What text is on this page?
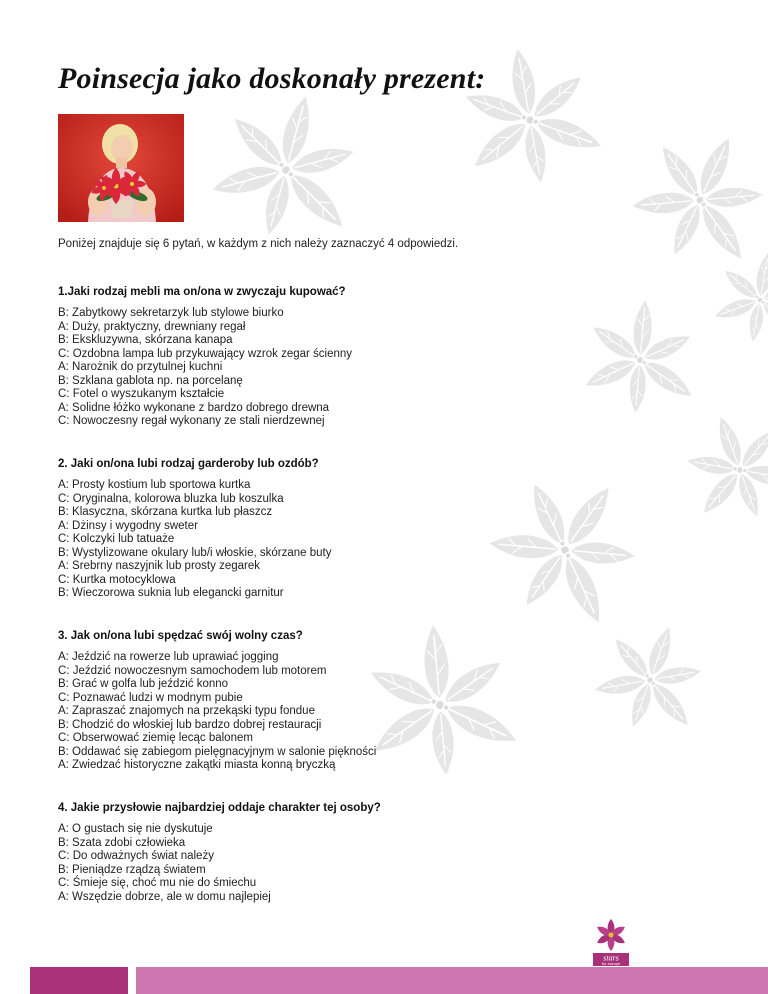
Poinsecja jako doskonały prezent:

Poniżej znajduje się 6 pytań, w każdym z nich należy zaznaczyć 4 odpowiedzi.

1.Jaki rodzaj mebli ma on/ona w zwyczaju kupować?

B: Zabytkowy sekretarzyk lub stylowe biurko
A: Duży, praktyczny, drewniany regał
B: Ekskluzywna, skórzana kanapa
C: Ozdobna lampa lub przykuwający wzrok zegar ścienny
A: Narożnik do przytulnej kuchni
B: Szklana gablota np. na porcelanę
C: Fotel o wyszukanym kształcie
A: Solidne łóżko wykonane z bardzo dobrego drewna
C: Nowoczesny regał wykonany ze stali nierdzewnej

2. Jaki on/ona lubi rodzaj garderoby lub ozdób?

A: Prosty kostium lub sportowa kurtka
C: Oryginalna, kolorowa bluzka lub koszulka
B: Klasyczna, skórzana kurtka lub płaszcz
A: Dżinsy i wygodny sweter
C: Kolczyki lub tatuaże
B: Wystylizowane okulary lub/i włoskie, skórzane buty
A: Srebrny naszyjnik lub prosty zegarek
C: Kurtka motocyklowa
B: Wieczorowa suknia lub elegancki garnitur

3. Jak on/ona lubi spędzać swój wolny czas?

A: Jeździć na rowerze lub uprawiać jogging
C: Jeździć nowoczesnym samochodem lub motorem
B: Grać w golfa lub jeździć konno
C: Poznawać ludzi w modnym pubie
A: Zapraszać znajomych na przekąski typu fondue
B: Chodzić do włoskiej lub bardzo dobrej restauracji
C: Obserwować ziemię lecąc balonem
B: Oddawać się zabiegom pielęgnacyjnym w salonie piękności
A: Zwiedzać historyczne zakątki miasta konną bryczką

4. Jakie przysłowie najbardziej oddaje charakter tej osoby?

A: O gustach się nie dyskutuje
B: Szata zdobi człowieka
C: Do odważnych świat należy
B: Pieniądze rządzą światem
C: Śmieje się, choć mu nie do śmiechu
A: Wszędzie dobrze, ale w domu najlepiej
stars
for europe
